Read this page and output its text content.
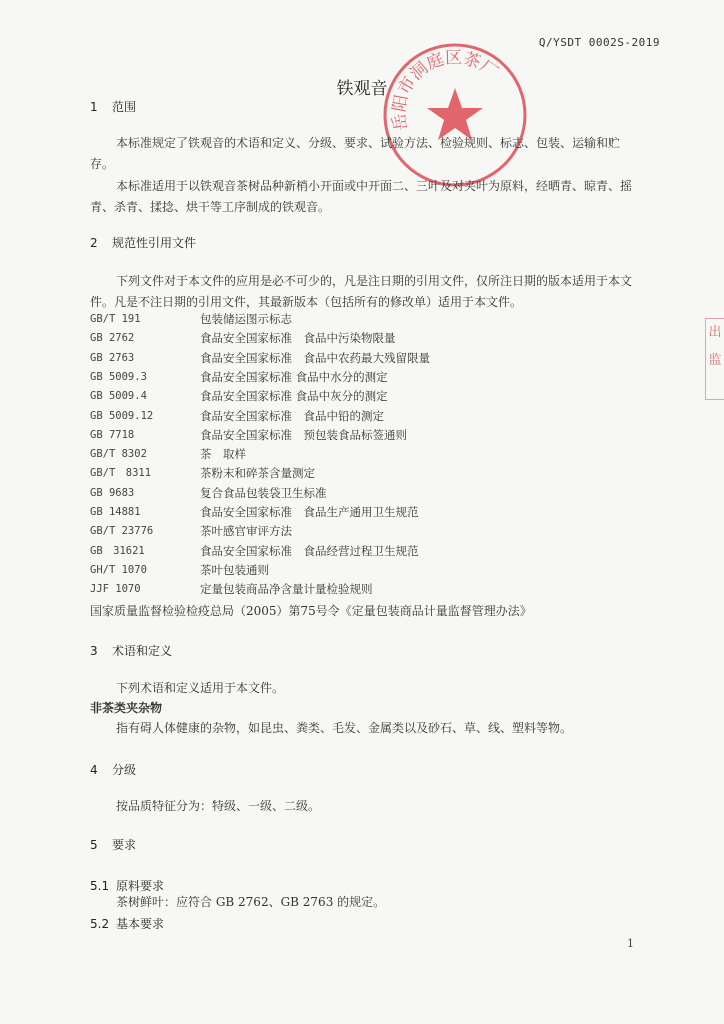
Q/YSDT 0002S-2019
岳阳市洞庭区茶厂
铁观音
1 范围
本标准规定了铁观音的术语和定义、分级、要求、试验方法、检验规则、标志、包装、运输和贮存。
本标准适用于以铁观音茶树品种新梢小开面或中开面二、三叶及对夹叶为原料，经晒青、晾青、摇青、杀青、揉捻、烘干等工序制成的铁观音。
2 规范性引用文件
下列文件对于本文件的应用是必不可少的，凡是注日期的引用文件，仅所注日期的版本适用于本文件。凡是不注日期的引用文件，其最新版本（包括所有的修改单）适用于本文件。
GB/T 191	包装储运图示标志
GB 2762	食品安全国家标准　食品中污染物限量
GB 2763	食品安全国家标准　食品中农药最大残留限量
GB 5009.3	食品安全国家标准 食品中水分的测定
GB 5009.4	食品安全国家标准 食品中灰分的测定
GB 5009.12	食品安全国家标准　食品中铅的测定
GB 7718	食品安全国家标准　预包装食品标签通则
GB/T 8302	茶　取样
GB/T　8311	茶粉末和碎茶含量测定
GB 9683	复合食品包装袋卫生标准
GB 14881	食品安全国家标准　食品生产通用卫生规范
GB/T 23776	茶叶感官审评方法
GB　31621	食品安全国家标准　食品经营过程卫生规范
GH/T 1070	茶叶包装通则
JJF 1070	定量包装商品净含量计量检验规则
国家质量监督检验检疫总局（2005）第75号令《定量包装商品计量监督管理办法》
3 术语和定义
下列术语和定义适用于本文件。
非茶类夹杂物
指有碍人体健康的杂物，如昆虫、粪类、毛发、金属类以及砂石、草、线、塑料等物。
4 分级
按品质特征分为：特级、一级、二级。
5 要求
5.1 原料要求
茶树鲜叶：应符合 GB 2762、GB 2763 的规定。
5.2 基本要求
1
出
监
